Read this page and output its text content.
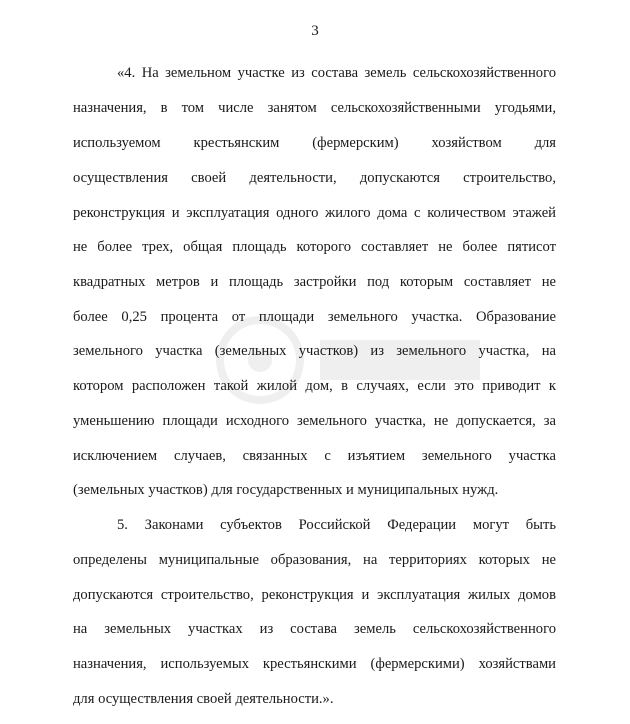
3
«4. На земельном участке из состава земель сельскохозяйственного
назначения, в том числе занятом сельскохозяйственными угодьями,
используемом крестьянским (фермерским) хозяйством для
осуществления своей деятельности, допускаются строительство,
реконструкция и эксплуатация одного жилого дома с количеством этажей
не более трех, общая площадь которого составляет не более пятисот
квадратных метров и площадь застройки под которым составляет не
более 0,25 процента от площади земельного участка. Образование
земельного участка (земельных участков) из земельного участка, на
котором расположен такой жилой дом, в случаях, если это приводит к
уменьшению площади исходного земельного участка, не допускается, за
исключением случаев, связанных с изъятием земельного участка
(земельных участков) для государственных и муниципальных нужд.
5. Законами субъектов Российской Федерации могут быть
определены муниципальные образования, на территориях которых не
допускаются строительство, реконструкция и эксплуатация жилых домов
на земельных участках из состава земель сельскохозяйственного
назначения, используемых крестьянскими (фермерскими) хозяйствами
для осуществления своей деятельности.».
